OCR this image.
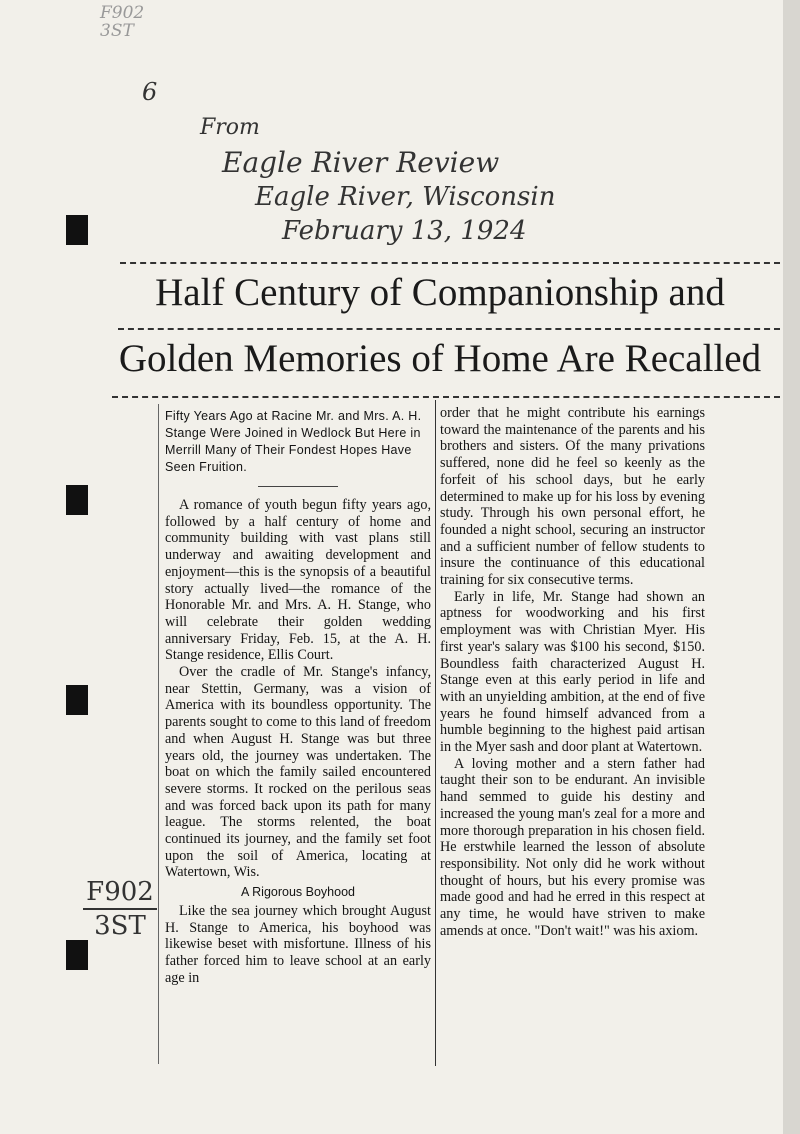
F902
3ST
6
From
Eagle River Review
Eagle River, Wisconsin
February 13, 1924
Half Century of Companionship and
Golden Memories of Home Are Recalled
Fifty Years Ago at Racine Mr. and Mrs. A. H. Stange Were Joined in Wedlock But Here in Merrill Many of Their Fondest Hopes Have Seen Fruition.

A romance of youth begun fifty years ago, followed by a half century of home and community building with vast plans still underway and awaiting development and enjoyment—this is the synopsis of a beautiful story actually lived—the romance of the Honorable Mr. and Mrs. A. H. Stange, who will celebrate their golden wedding anniversary Friday, Feb. 15, at the A. H. Stange residence, Ellis Court.

Over the cradle of Mr. Stange's infancy, near Stettin, Germany, was a vision of America with its boundless opportunity. The parents sought to come to this land of freedom and when August H. Stange was but three years old, the journey was undertaken. The boat on which the family sailed encountered severe storms. It rocked on the perilous seas and was forced back upon its path for many league. The storms relented, the boat continued its journey, and the family set foot upon the soil of America, locating at Watertown, Wis.

A Rigorous Boyhood

Like the sea journey which brought August H. Stange to America, his boyhood was likewise beset with misfortune. Illness of his father forced him to leave school at an early age in

order that he might contribute his earnings toward the maintenance of the parents and his brothers and sisters. Of the many privations suffered, none did he feel so keenly as the forfeit of his school days, but he early determined to make up for his loss by evening study. Through his own personal effort, he founded a night school, securing an instructor and a sufficient number of fellow students to insure the continuance of this educational training for six consecutive terms.

Early in life, Mr. Stange had shown an aptness for woodworking and his first employment was with Christian Myer. His first year's salary was $100 his second, $150. Boundless faith characterized August H. Stange even at this early period in life and with an unyielding ambition, at the end of five years he found himself advanced from a humble beginning to the highest paid artisan in the Myer sash and door plant at Watertown.

A loving mother and a stern father had taught their son to be endurant. An invisible hand semmed to guide his destiny and increased the young man's zeal for a more and more thorough preparation in his chosen field. He erstwhile learned the lesson of absolute responsibility. Not only did he work without thought of hours, but his every promise was made good and had he erred in this respect at any time, he would have striven to make amends at once. "Don't wait!" was his axiom.

F902
3ST
